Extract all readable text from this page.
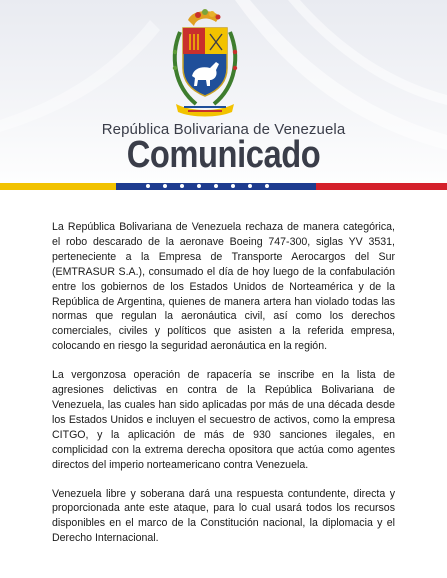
República Bolivariana de Venezuela
Comunicado

La República Bolivariana de Venezuela rechaza de manera categórica, el robo descarado de la aeronave Boeing 747-300, siglas YV 3531, perteneciente a la Empresa de Transporte Aerocargos del Sur (EMTRASUR S.A.), consumado el día de hoy luego de la confabulación entre los gobiernos de los Estados Unidos de Norteamérica y de la República de Argentina, quienes de manera artera han violado todas las normas que regulan la aeronáutica civil, así como los derechos comerciales, civiles y políticos que asisten a la referida empresa, colocando en riesgo la seguridad aeronáutica en la región.

La vergonzosa operación de rapacería se inscribe en la lista de agresiones delictivas en contra de la República Bolivariana de Venezuela, las cuales han sido aplicadas por más de una década desde los Estados Unidos e incluyen el secuestro de activos, como la empresa CITGO, y la aplicación de más de 930 sanciones ilegales, en complicidad con la extrema derecha opositora que actúa como agentes directos del imperio norteamericano contra Venezuela.

Venezuela libre y soberana dará una respuesta contundente, directa y proporcionada ante este ataque, para lo cual usará todos los recursos disponibles en el marco de la Constitución nacional, la diplomacia y el Derecho Internacional.
